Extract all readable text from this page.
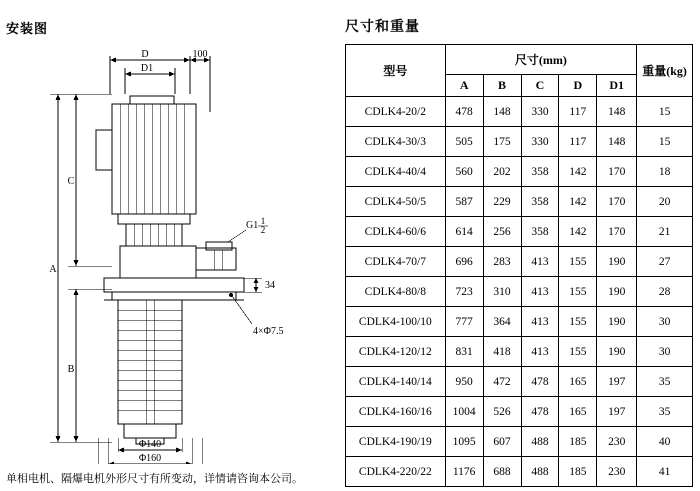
安装图
D
D1
100
A
B
C
G1 1
2
34
4×Φ7.5
Φ140
Φ160
单相电机、隔爆电机外形尺寸有所变动，详情请咨询本公司。
尺寸和重量
型号	尺寸(mm)					重量(kg)
	A	B	C	D	D1	
CDLK4-20/2	478	148	330	117	148	15
CDLK4-30/3	505	175	330	117	148	15
CDLK4-40/4	560	202	358	142	170	18
CDLK4-50/5	587	229	358	142	170	20
CDLK4-60/6	614	256	358	142	170	21
CDLK4-70/7	696	283	413	155	190	27
CDLK4-80/8	723	310	413	155	190	28
CDLK4-100/10	777	364	413	155	190	30
CDLK4-120/12	831	418	413	155	190	30
CDLK4-140/14	950	472	478	165	197	35
CDLK4-160/16	1004	526	478	165	197	35
CDLK4-190/19	1095	607	488	185	230	40
CDLK4-220/22	1176	688	488	185	230	41
